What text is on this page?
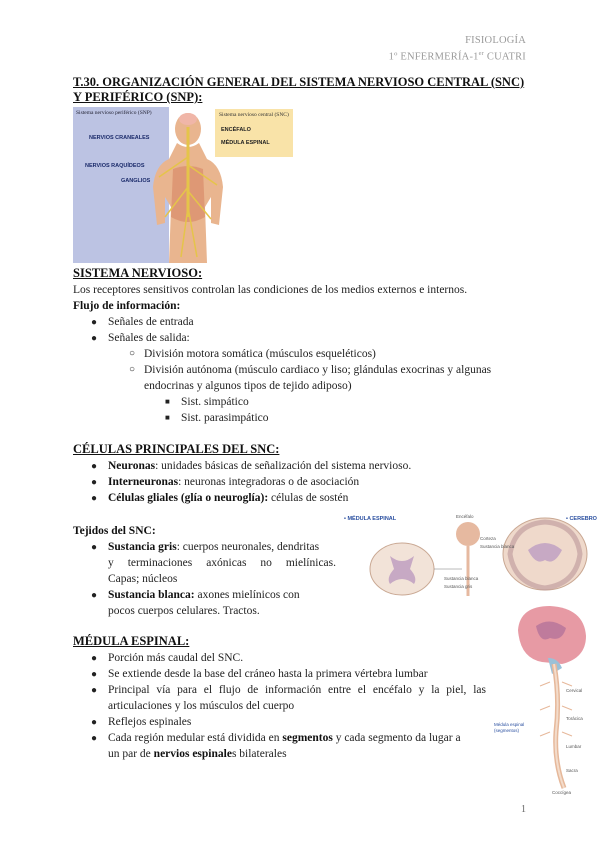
FISIOLOGÍA
1º ENFERMERÍA-1er CUATRI
T.30. ORGANIZACIÓN GENERAL DEL SISTEMA NERVIOSO CENTRAL (SNC) Y PERIFÉRICO (SNP):
Sistema nervioso periférico (SNP)
NERVIOS CRANEALES
NERVIOS RAQUÍDEOS
GANGLIOS
Sistema nervioso central (SNC)
ENCÉFALO
MÉDULA ESPINAL
SISTEMA NERVIOSO:
Los receptores sensitivos controlan las condiciones de los medios externos e internos.
Flujo de información:
● Señales de entrada
● Señales de salida:
○ División motora somática (músculos esqueléticos)
○ División autónoma (músculo cardiaco y liso; glándulas exocrinas y algunas
endocrinas y algunos tipos de tejido adiposo)
■ Sist. simpático
■ Sist. parasimpático
CÉLULAS PRINCIPALES DEL SNC:
● Neuronas: unidades básicas de señalización del sistema nervioso.
● Interneuronas: neuronas integradoras o de asociación
● Células gliales (glía o neuroglía): células de sostén
Tejidos del SNC:
● Sustancia gris: cuerpos neuronales, dendritas
y terminaciones axónicas no mielínicas.
Capas; núcleos
● Sustancia blanca: axones mielínicos con
pocos cuerpos celulares. Tractos.
• MÉDULA ESPINAL	• CEREBRO
Encéfalo
Sustancia blanca
Sustancia gris
Corteza
Sustancia blanca
MÉDULA ESPINAL:
● Porción más caudal del SNC.
● Se extiende desde la base del cráneo hasta la primera vértebra lumbar
● Principal vía para el flujo de información entre el encéfalo y la piel, las
articulaciones y los músculos del cuerpo
● Reflejos espinales
● Cada región medular está dividida en segmentos y cada segmento da lugar a
un par de nervios espinales bilaterales
Médula espinal (segmentos)
Cervical
Torácica
Lumbar
Sacra
Coccígea
1
